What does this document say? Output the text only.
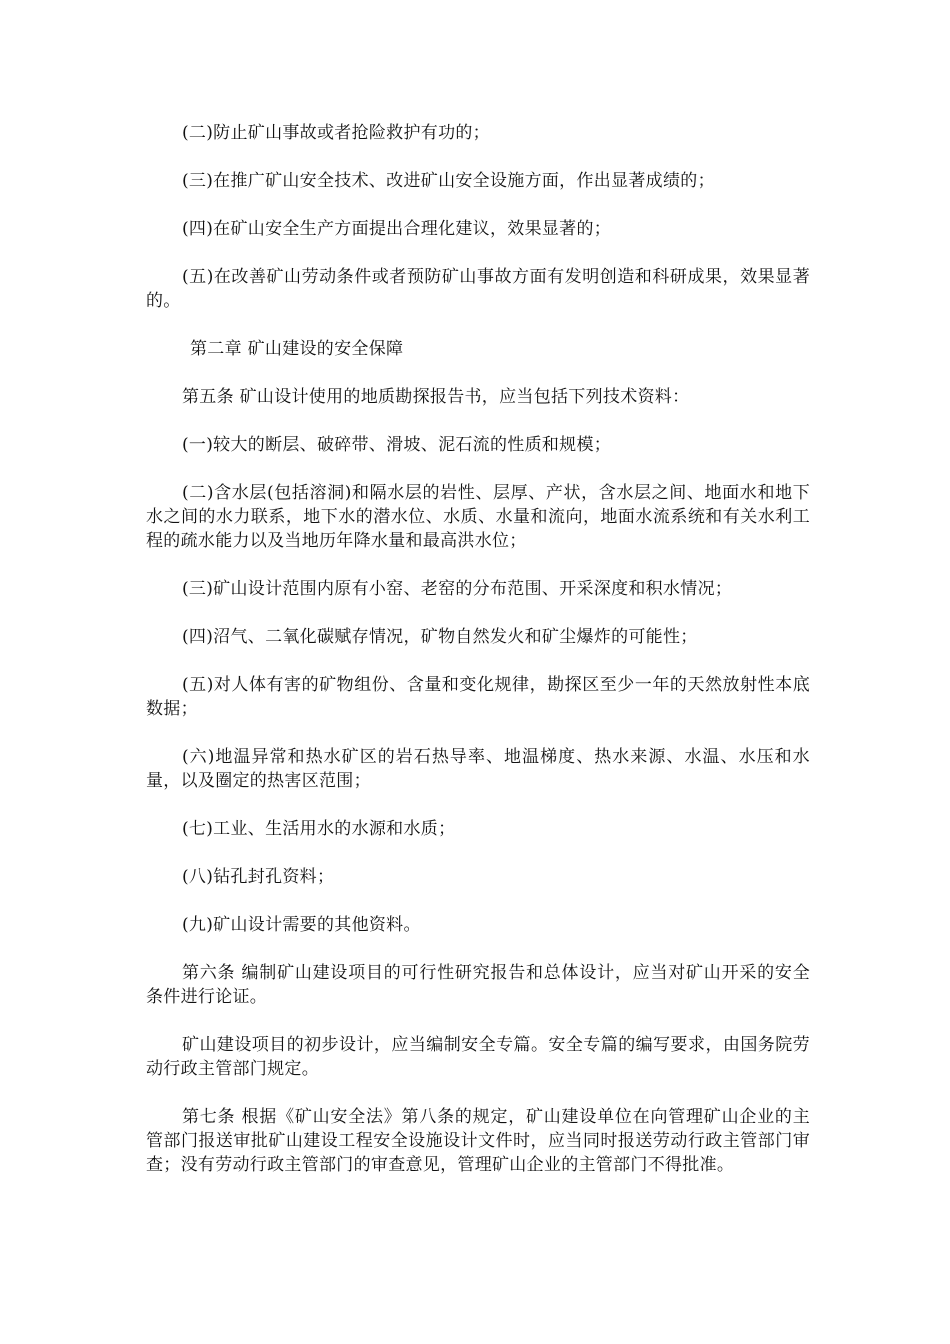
(二)防止矿山事故或者抢险救护有功的；

(三)在推广矿山安全技术、改进矿山安全设施方面，作出显著成绩的；

(四)在矿山安全生产方面提出合理化建议，效果显著的；

(五)在改善矿山劳动条件或者预防矿山事故方面有发明创造和科研成果，效果显著的。

第二章 矿山建设的安全保障

第五条 矿山设计使用的地质勘探报告书，应当包括下列技术资料：

(一)较大的断层、破碎带、滑坡、泥石流的性质和规模；

(二)含水层(包括溶洞)和隔水层的岩性、层厚、产状，含水层之间、地面水和地下水之间的水力联系，地下水的潜水位、水质、水量和流向，地面水流系统和有关水利工程的疏水能力以及当地历年降水量和最高洪水位；

(三)矿山设计范围内原有小窑、老窑的分布范围、开采深度和积水情况；

(四)沼气、二氧化碳赋存情况，矿物自然发火和矿尘爆炸的可能性；

(五)对人体有害的矿物组份、含量和变化规律，勘探区至少一年的天然放射性本底数据；

(六)地温异常和热水矿区的岩石热导率、地温梯度、热水来源、水温、水压和水量，以及圈定的热害区范围；

(七)工业、生活用水的水源和水质；

(八)钻孔封孔资料；

(九)矿山设计需要的其他资料。

第六条 编制矿山建设项目的可行性研究报告和总体设计，应当对矿山开采的安全条件进行论证。

矿山建设项目的初步设计，应当编制安全专篇。安全专篇的编写要求，由国务院劳动行政主管部门规定。

第七条 根据《矿山安全法》第八条的规定，矿山建设单位在向管理矿山企业的主管部门报送审批矿山建设工程安全设施设计文件时，应当同时报送劳动行政主管部门审查；没有劳动行政主管部门的审查意见，管理矿山企业的主管部门不得批准。
